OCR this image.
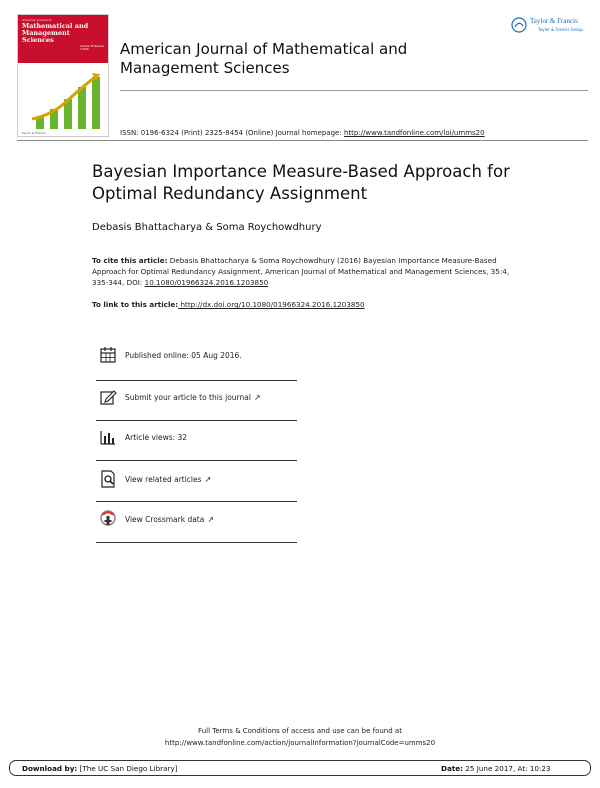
American Journal of
Mathematical and Management Sciences
Volume 35 Number 4 2016
Taylor & Francis
American Journal of Mathematical and Management Sciences
Taylor & Francis
Taylor & Francis Group
ISSN: 0196-6324 (Print) 2325-8454 (Online) Journal homepage: http://www.tandfonline.com/loi/umms20
Bayesian Importance Measure-Based Approach for Optimal Redundancy Assignment
Debasis Bhattacharya & Soma Roychowdhury
To cite this article: Debasis Bhattacharya & Soma Roychowdhury (2016) Bayesian Importance Measure-Based Approach for Optimal Redundancy Assignment, American Journal of Mathematical and Management Sciences, 35:4, 335-344, DOI: 10.1080/01966324.2016.1203850
To link to this article: http://dx.doi.org/10.1080/01966324.2016.1203850
Published online: 05 Aug 2016.
Submit your article to this journal ↗
Article views: 32
View related articles ↗
View Crossmark data ↗
Full Terms & Conditions of access and use can be found at
http://www.tandfonline.com/action/journalInformation?journalCode=umms20
Download by: [The UC San Diego Library]	Date: 25 June 2017, At: 10:23
